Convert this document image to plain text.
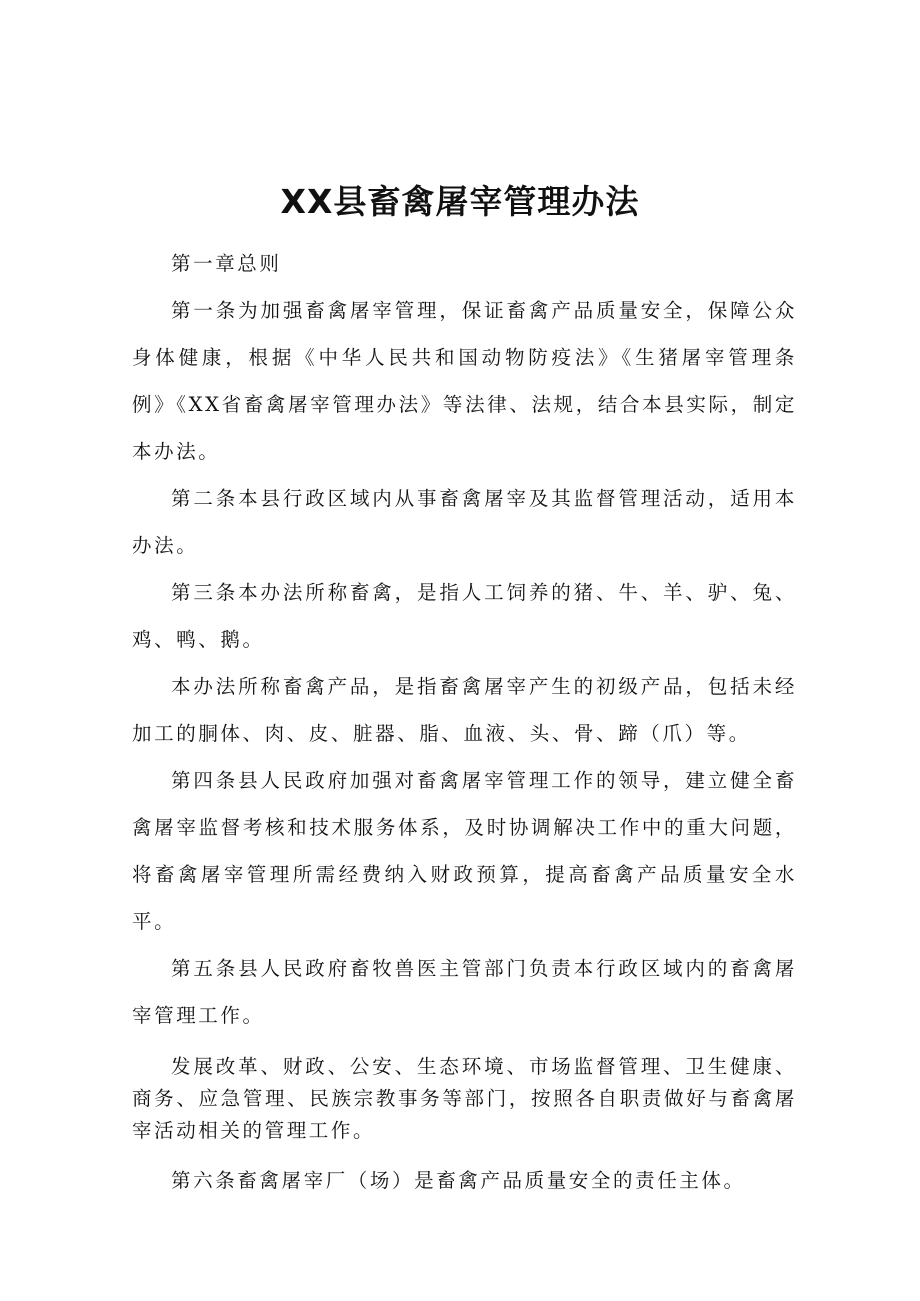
XX县畜禽屠宰管理办法

第一章总则

第一条为加强畜禽屠宰管理，保证畜禽产品质量安全，保障公众身体健康，根据《中华人民共和国动物防疫法》《生猪屠宰管理条例》《XX省畜禽屠宰管理办法》等法律、法规，结合本县实际，制定本办法。

第二条本县行政区域内从事畜禽屠宰及其监督管理活动，适用本办法。

第三条本办法所称畜禽，是指人工饲养的猪、牛、羊、驴、兔、鸡、鸭、鹅。

本办法所称畜禽产品，是指畜禽屠宰产生的初级产品，包括未经加工的胴体、肉、皮、脏器、脂、血液、头、骨、蹄（爪）等。

第四条县人民政府加强对畜禽屠宰管理工作的领导，建立健全畜禽屠宰监督考核和技术服务体系，及时协调解决工作中的重大问题，将畜禽屠宰管理所需经费纳入财政预算，提高畜禽产品质量安全水平。

第五条县人民政府畜牧兽医主管部门负责本行政区域内的畜禽屠宰管理工作。

发展改革、财政、公安、生态环境、市场监督管理、卫生健康、商务、应急管理、民族宗教事务等部门，按照各自职责做好与畜禽屠宰活动相关的管理工作。

第六条畜禽屠宰厂（场）是畜禽产品质量安全的责任主体。
